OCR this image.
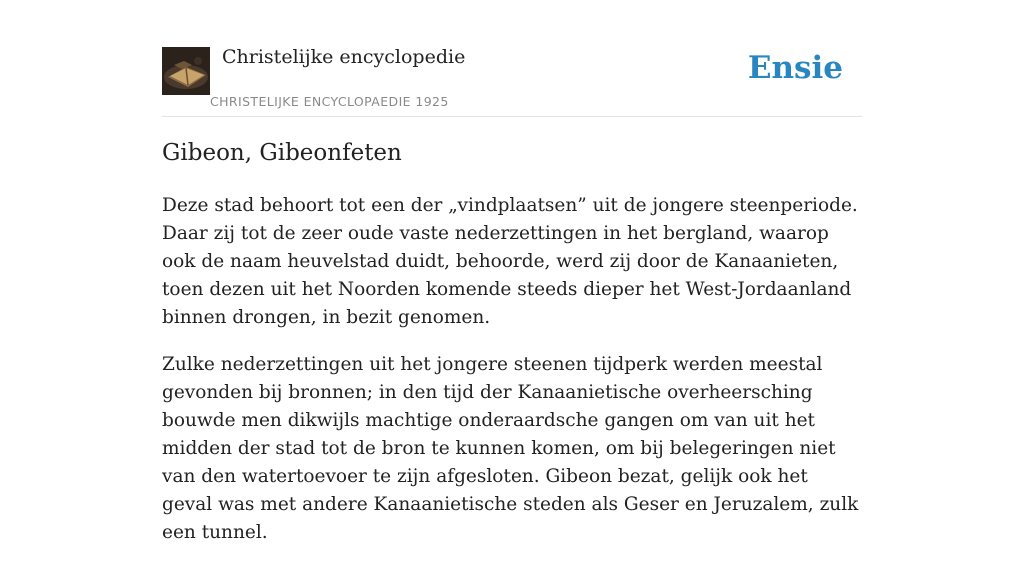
Christelijke encyclopedie
CHRISTELIJKE ENCYCLOPAEDIE 1925
Ensie
Gibeon, Gibeonfeten

Deze stad behoort tot een der „vindplaatsen” uit de jongere steenperiode. Daar zij tot de zeer oude vaste nederzettingen in het bergland, waarop ook de naam heuvelstad duidt, behoorde, werd zij door de Kanaanieten, toen dezen uit het Noorden komende steeds dieper het West-Jordaanland binnen drongen, in bezit genomen.

Zulke nederzettingen uit het jongere steenen tijdperk werden meestal gevonden bij bronnen; in den tijd der Kanaanietische overheersching bouwde men dikwijls machtige onderaardsche gangen om van uit het midden der stad tot de bron te kunnen komen, om bij belegeringen niet van den watertoevoer te zijn afgesloten. Gibeon bezat, gelijk ook het geval was met andere Kanaanietische steden als Geser en Jeruzalem, zulk een tunnel.
